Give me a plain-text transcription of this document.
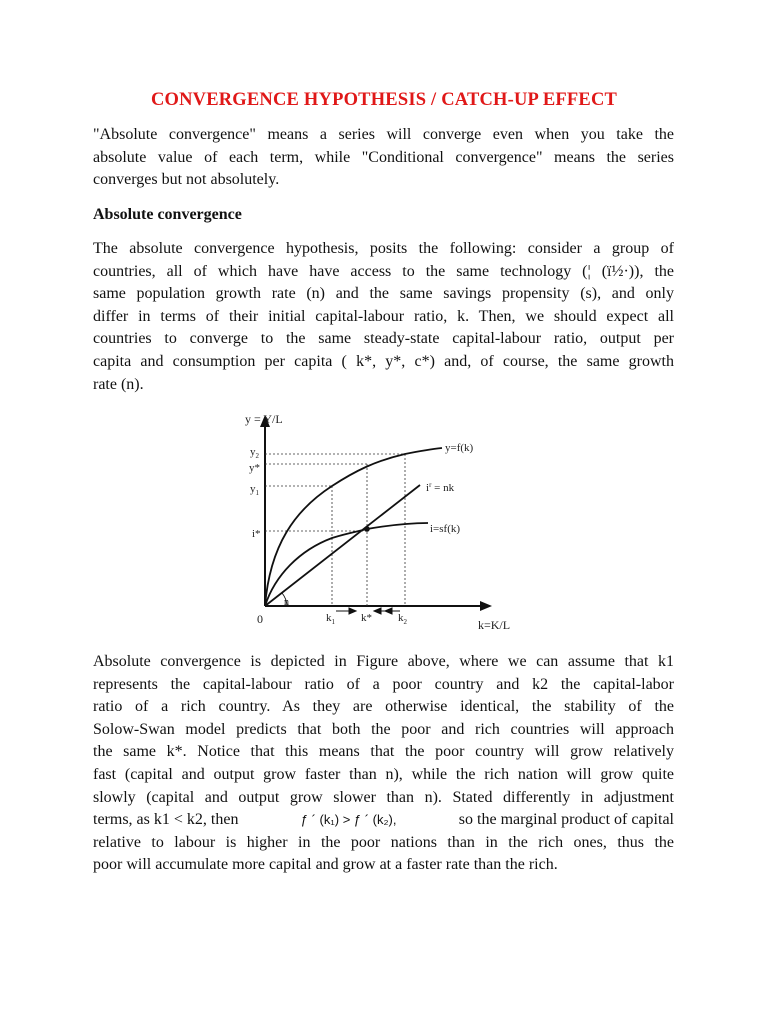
CONVERGENCE HYPOTHESIS / CATCH-UP EFFECT
"Absolute convergence" means a series will converge even when you take the
absolute value of each term, while "Conditional convergence" means the series
converges but not absolutely.
Absolute convergence
The absolute convergence hypothesis, posits the following: consider a group of
countries, all of which have have access to the same technology (¦ (ï½·)), the
same population growth rate (n) and the same savings propensity (s), and only
differ in terms of their initial capital-labour ratio, k. Then, we should expect all
countries to converge to the same steady-state capital-labour ratio, output per
capita and consumption per capita ( k*, y*, c*) and, of course, the same growth
rate (n).
y = Y/L
$y_2$
y*
$y_1$
i*
0	$k_1$ k* $k_2$	k=K/L
n
y=f(k)
$i^r$ = nk
i=sf(k)
Absolute convergence is depicted in Figure above, where we can assume that k1
represents the capital-labour ratio of a poor country and k2 the capital-labor
ratio of a rich country. As they are otherwise identical, the stability of the
Solow-Swan model predicts that both the poor and rich countries will approach
the same k*. Notice that this means that the poor country will grow relatively
fast (capital and output grow faster than n), while the rich nation will grow quite
slowly (capital and output grow slower than n). Stated differently in adjustment
terms, as k1 < k2, then	ƒ ´ (k₁) > ƒ ´ (k₂),	so the marginal product of capital
relative to labour is higher in the poor nations than in the rich ones, thus the
poor will accumulate more capital and grow at a faster rate than the rich.
